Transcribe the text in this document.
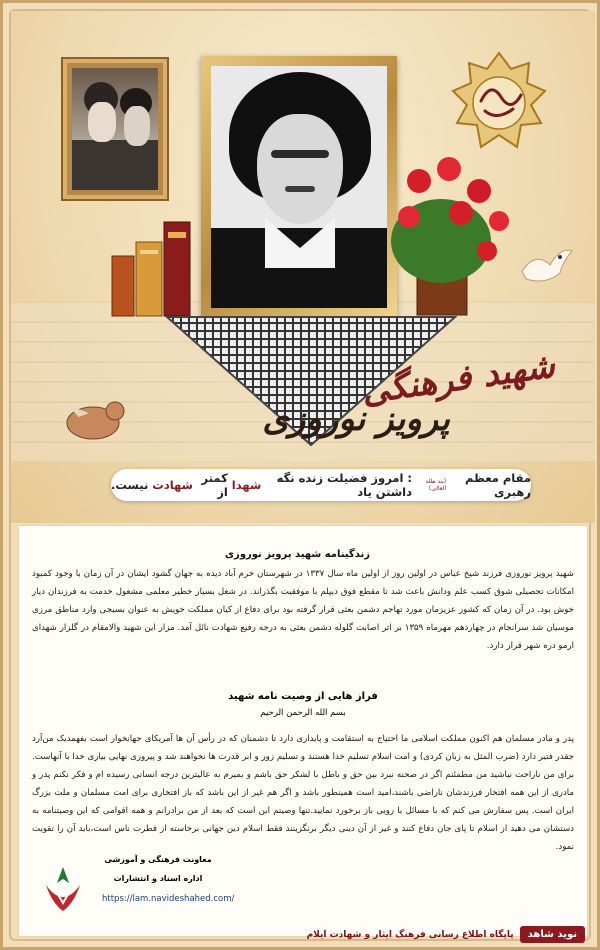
شهید فرهنگی
پرویز نوروزی
مقام معظم رهبری
(مد ظله العالی)
: امروز فضیلت زنده نگه داشتن یاد
شهدا
کمتر از
شهادت
نیست.
زندگینامه شهید پرویز نوروزی
شهید پرویز نوروزی فرزند شیخ عباس در اولین روز از اولین ماه سال ۱۳۳۷ در شهرستان خرم آباد دیده به جهان گشود ایشان در آن زمان با وجود کمبود امکانات تحصیلی شوق کسب علم ودانش باعث شد تا مقطع فوق دیپلم با موفقیت بگذراند. در شغل بسیار خطیر معلمی مشغول خدمت به فرزندان دیار خوش بود. در آن زمان که کشور عزیزمان مورد تهاجم دشمن بعثی قرار گرفته بود برای دفاع از کیان مملکت خویش به عنوان بسیجی وارد مناطق مرزی موسیان شد سرانجام در چهاردهم مهرماه ۱۳۵۹ بر اثر اصابت گلوله دشمن بعثی به درجه رفیع شهادت نائل آمد. مزار این شهید والامقام در گلزار شهدای ارمو دره شهر قرار دارد.
فراز هایی از وصیت نامه شهید
بسم الله الرحمن الرحیم
پدر و مادر مسلمان هم اکنون مملکت اسلامی ما احتیاج به استقامت و پایداری دارد تا دشمنان که در رأس آن ها آمریکای جهانخوار است بفهمدیک من‌آرد جقدر فتیر دارد (ضرب المثل به زبان کردی) و امت اسلام تسلیم خدا هستند و تسلیم زور و ابر قدرت ها نخواهند شد و پیروزی نهایی بیاری خدا با آنهاست. برای من ناراحت نباشید من مطمئنم اگر در صحنه نبرد بین حق و باطل با لشکر حق باشم و بمیرم به عالیترین درجه انسانی رسیده ام و فکر نکنم پدر و مادری از این همه افتخار فرزندشان ناراضی باشند،امید است همینطور باشد و اگر هم غیر از این باشد که باز افتخاری برای امت مسلمان و ملت بزرگ ایران است. پس سفارش می کنم که با مسائل با رویی باز برخورد نمایید.تنها وصیتم این است که بعد از من برادرانم و همه اقوامی که این وصیتنامه به دستشان می دهید از اسلام تا پای جان دفاع کنند و غیر از آن دینی دیگر برنگزینند فقط اسلام دین جهانی برخاسته از فطرت ناس است،باید آن را تقویت نمود.
معاونت فرهنگی و آموزشی
اداره اسناد و انتشارات
https://lam.navideshahed.com/
نوید شاهد
پایگاه اطلاع رسانی فرهنگ ایثار و شهادت ایلام
